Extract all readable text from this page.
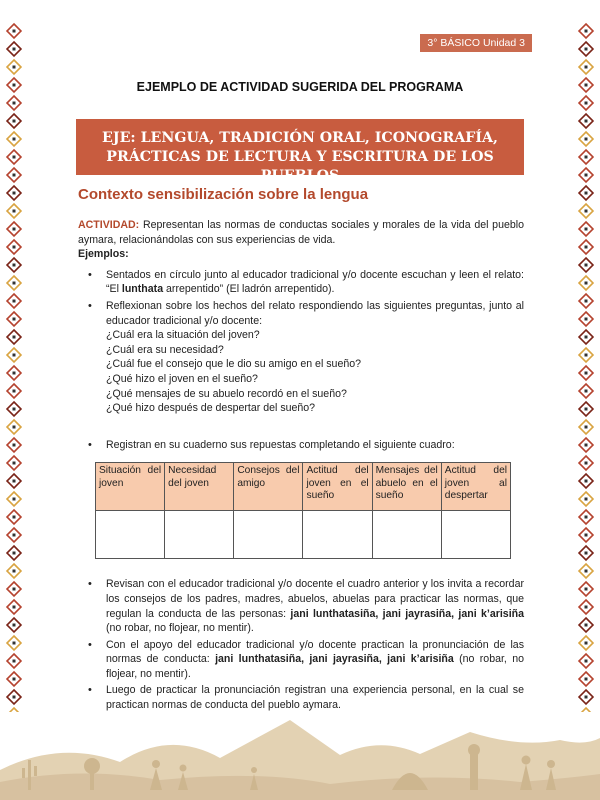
3° BÁSICO Unidad 3
EJEMPLO DE ACTIVIDAD SUGERIDA DEL PROGRAMA
EJE: LENGUA, TRADICIÓN ORAL, ICONOGRAFÍA,
PRÁCTICAS DE LECTURA Y ESCRITURA DE LOS PUEBLOS
Contexto sensibilización sobre la lengua

ACTIVIDAD: Representan las normas de conductas sociales y morales de la vida del pueblo aymara, relacionándolas con sus experiencias de vida.

Ejemplos:

• Sentados en círculo junto al educador tradicional y/o docente escuchan y leen el relato: “El lunthata arrepentido” (El ladrón arrepentido).
• Reflexionan sobre los hechos del relato respondiendo las siguientes preguntas, junto al educador tradicional y/o docente:
¿Cuál era la situación del joven?
¿Cuál era su necesidad?
¿Cuál fue el consejo que le dio su amigo en el sueño?
¿Qué hizo el joven en el sueño?
¿Qué mensajes de su abuelo recordó en el sueño?
¿Qué hizo después de despertar del sueño?
• Registran en su cuaderno sus repuestas completando el siguiente cuadro:
Situación del joven	Necesidad del joven	Consejos del amigo	Actitud del joven en el sueño	Mensajes del abuelo en el sueño	Actitud del joven al despertar

• Revisan con el educador tradicional y/o docente el cuadro anterior y los invita a recordar los consejos de los padres, madres, abuelos, abuelas para practicar las normas, que regulan la conducta de las personas: jani lunthatasiña, jani jayrasiña, jani k’arisiña (no robar, no flojear, no mentir).
• Con el apoyo del educador tradicional y/o docente practican la pronunciación de las normas de conducta: jani lunthatasiña, jani jayrasiña, jani k’arisiña (no robar, no flojear, no mentir).
• Luego de practicar la pronunciación registran una experiencia personal, en la cual se practican normas de conducta del pueblo aymara.
